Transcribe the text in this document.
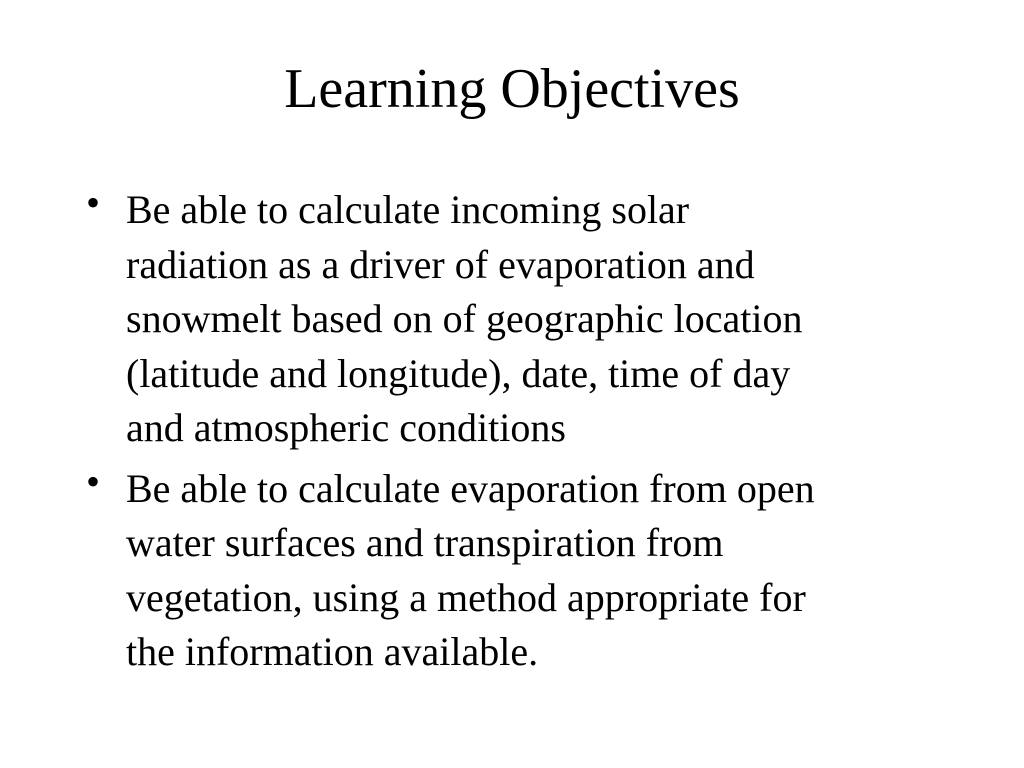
Learning Objectives
• Be able to calculate incoming solar
radiation as a driver of evaporation and
snowmelt based on of geographic location
(latitude and longitude), date, time of day
and atmospheric conditions
• Be able to calculate evaporation from open
water surfaces and transpiration from
vegetation, using a method appropriate for
the information available.
